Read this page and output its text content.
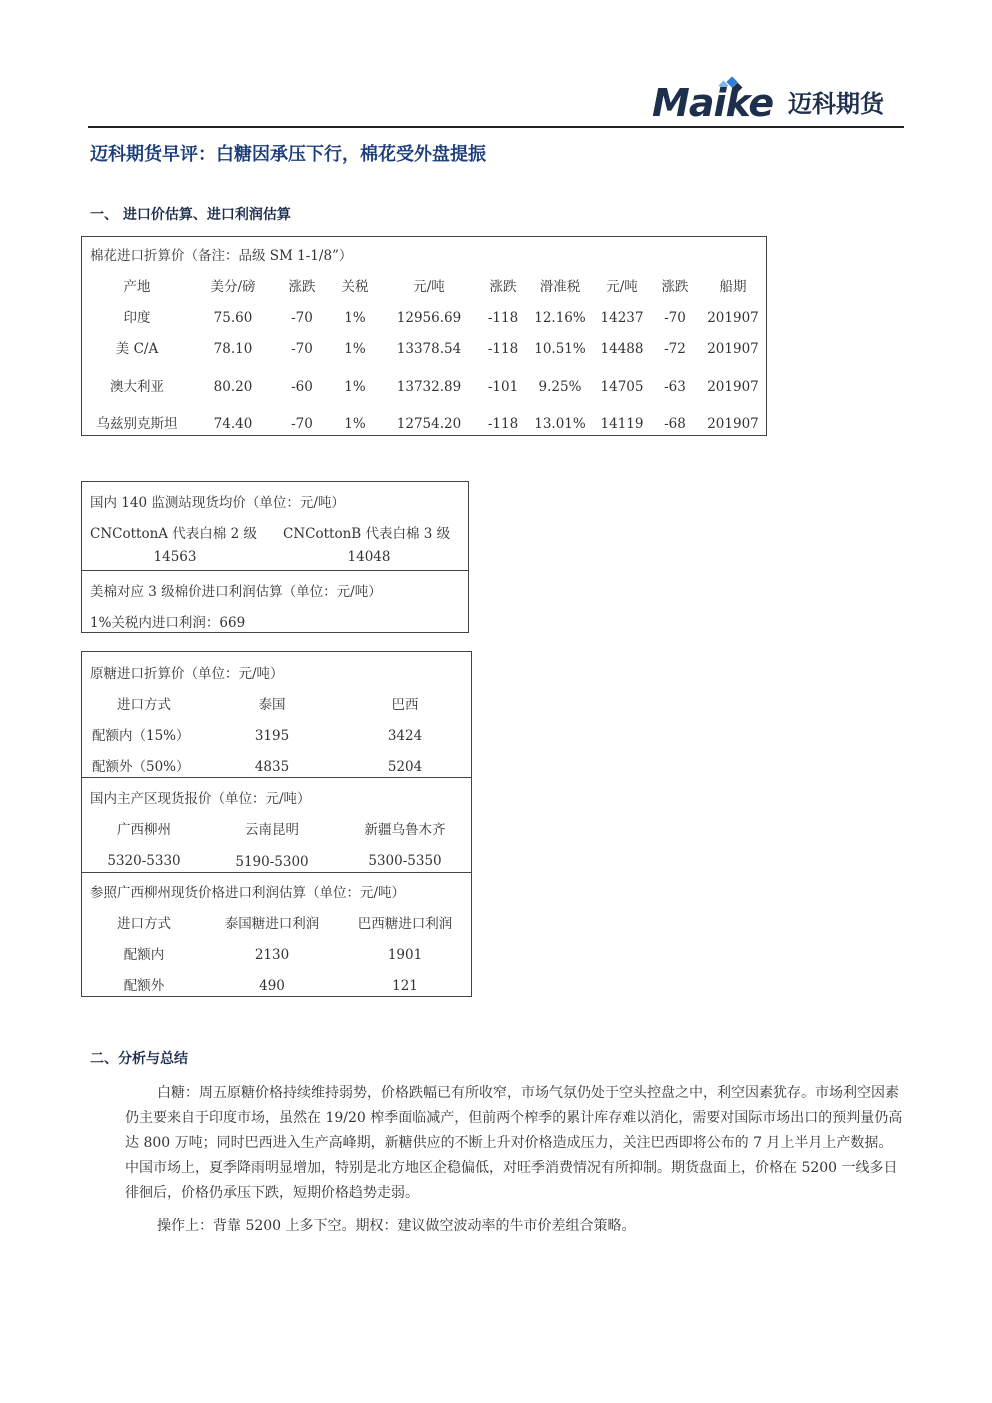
Maike 迈科期货
迈科期货早评：白糖因承压下行，棉花受外盘提振
一、 进口价估算、进口利润估算
棉花进口折算价（备注：品级 SM 1-1/8”）
产地	美分/磅	涨跌	关税	元/吨	涨跌	滑准税	元/吨	涨跌	船期
印度	75.60	-70	1%	12956.69	-118	12.16%	14237	-70	201907
美 C/A	78.10	-70	1%	13378.54	-118	10.51%	14488	-72	201907
澳大利亚	80.20	-60	1%	13732.89	-101	9.25%	14705	-63	201907
乌兹别克斯坦	74.40	-70	1%	12754.20	-118	13.01%	14119	-68	201907
国内 140 监测站现货均价（单位：元/吨）
CNCottonA 代表白棉 2 级
14563
CNCottonB 代表白棉 3 级
14048
美棉对应 3 级棉价进口利润估算（单位：元/吨）
1%关税内进口利润：669
原糖进口折算价（单位：元/吨）
进口方式	泰国	巴西
配额内（15%）	3195	3424
配额外（50%）	4835	5204
国内主产区现货报价（单位：元/吨）
广西柳州	云南昆明	新疆乌鲁木齐
5320-5330	5190-5300	5300-5350
参照广西柳州现货价格进口利润估算（单位：元/吨）
进口方式	泰国糖进口利润	巴西糖进口利润
配额内	2130	1901
配额外	490	121
二、分析与总结

白糖：周五原糖价格持续维持弱势，价格跌幅已有所收窄，市场气氛仍处于空头控盘之中，利空因素犹存。市场利空因素仍主要来自于印度市场，虽然在 19/20 榨季面临减产，但前两个榨季的累计库存难以消化，需要对国际市场出口的预判量仍高达 800 万吨；同时巴西进入生产高峰期，新糖供应的不断上升对价格造成压力，关注巴西即将公布的 7 月上半月上产数据。中国市场上，夏季降雨明显增加，特别是北方地区企稳偏低，对旺季消费情况有所抑制。期货盘面上，价格在 5200 一线多日徘徊后，价格仍承压下跌，短期价格趋势走弱。

操作上：背靠 5200 上多下空。期权：建议做空波动率的牛市价差组合策略。
